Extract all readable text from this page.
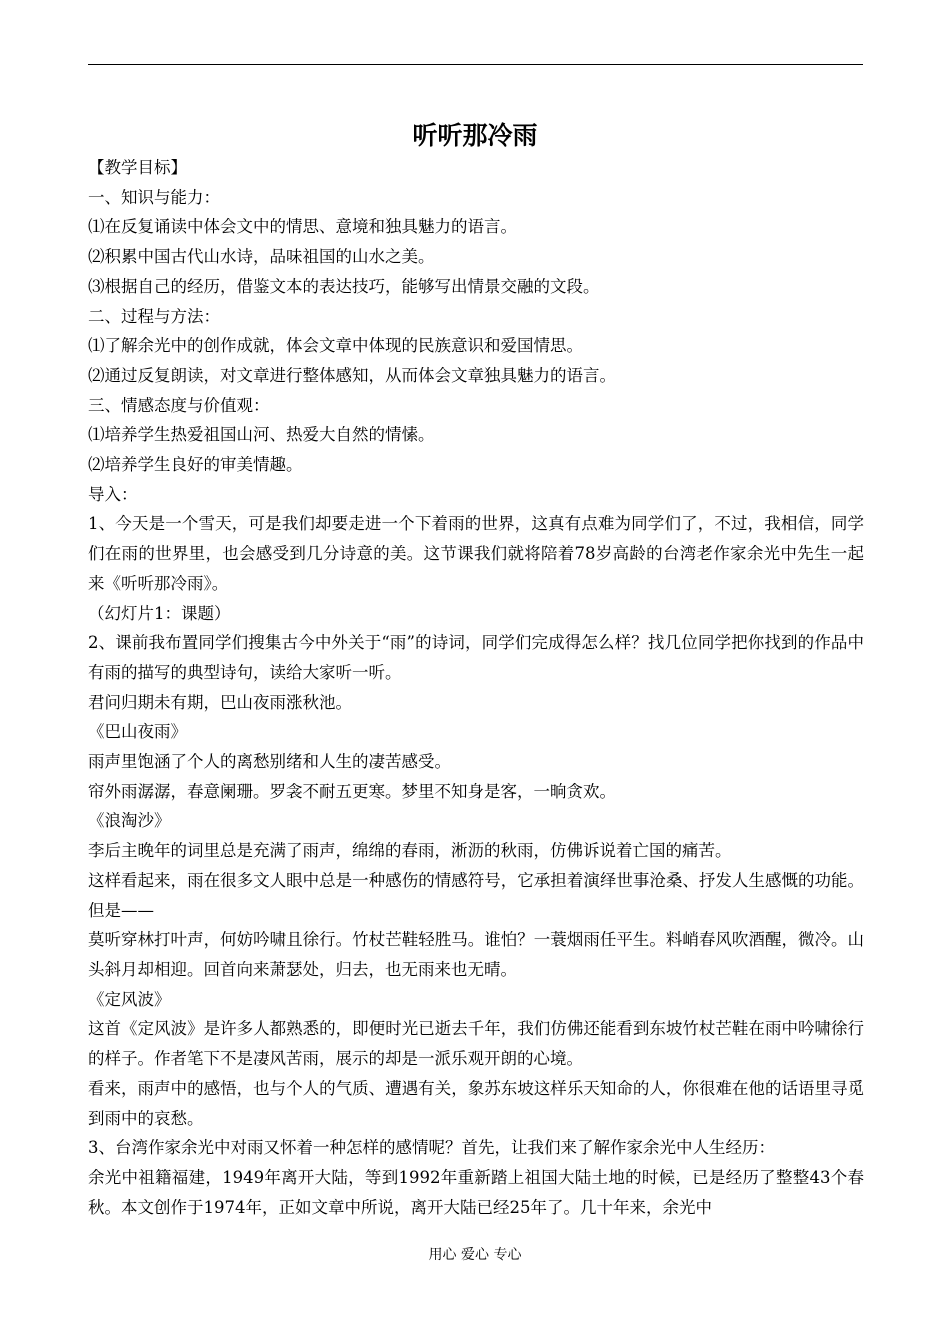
听听那冷雨

【教学目标】

一、知识与能力：

⑴在反复诵读中体会文中的情思、意境和独具魅力的语言。

⑵积累中国古代山水诗，品味祖国的山水之美。

⑶根据自己的经历，借鉴文本的表达技巧，能够写出情景交融的文段。

二、过程与方法：

⑴了解余光中的创作成就，体会文章中体现的民族意识和爱国情思。

⑵通过反复朗读，对文章进行整体感知，从而体会文章独具魅力的语言。

三、情感态度与价值观：

⑴培养学生热爱祖国山河、热爱大自然的情愫。

⑵培养学生良好的审美情趣。

导入：

1、今天是一个雪天，可是我们却要走进一个下着雨的世界，这真有点难为同学们了，不过，我相信，同学们在雨的世界里，也会感受到几分诗意的美。这节课我们就将陪着78岁高龄的台湾老作家余光中先生一起来《听听那冷雨》。

（幻灯片1：课题）

2、课前我布置同学们搜集古今中外关于“雨”的诗词，同学们完成得怎么样？找几位同学把你找到的作品中有雨的描写的典型诗句，读给大家听一听。

君问归期未有期，巴山夜雨涨秋池。

《巴山夜雨》

雨声里饱涵了个人的离愁别绪和人生的凄苦感受。

帘外雨潺潺，春意阑珊。罗衾不耐五更寒。梦里不知身是客，一晌贪欢。

《浪淘沙》

李后主晚年的词里总是充满了雨声，绵绵的春雨，淅沥的秋雨，仿佛诉说着亡国的痛苦。

这样看起来，雨在很多文人眼中总是一种感伤的情感符号，它承担着演绎世事沧桑、抒发人生感慨的功能。但是——

莫听穿林打叶声，何妨吟啸且徐行。竹杖芒鞋轻胜马。谁怕？一蓑烟雨任平生。料峭春风吹酒醒，微冷。山头斜月却相迎。回首向来萧瑟处，归去，也无雨来也无晴。

《定风波》

这首《定风波》是许多人都熟悉的，即便时光已逝去千年，我们仿佛还能看到东坡竹杖芒鞋在雨中吟啸徐行的样子。作者笔下不是凄风苦雨，展示的却是一派乐观开朗的心境。

看来，雨声中的感悟，也与个人的气质、遭遇有关，象苏东坡这样乐天知命的人，你很难在他的话语里寻觅到雨中的哀愁。

3、台湾作家余光中对雨又怀着一种怎样的感情呢？首先，让我们来了解作家余光中人生经历：

余光中祖籍福建，1949年离开大陆，等到1992年重新踏上祖国大陆土地的时候，已是经历了整整43个春秋。本文创作于1974年，正如文章中所说，离开大陆已经25年了。几十年来，余光中

用心 爱心 专心
